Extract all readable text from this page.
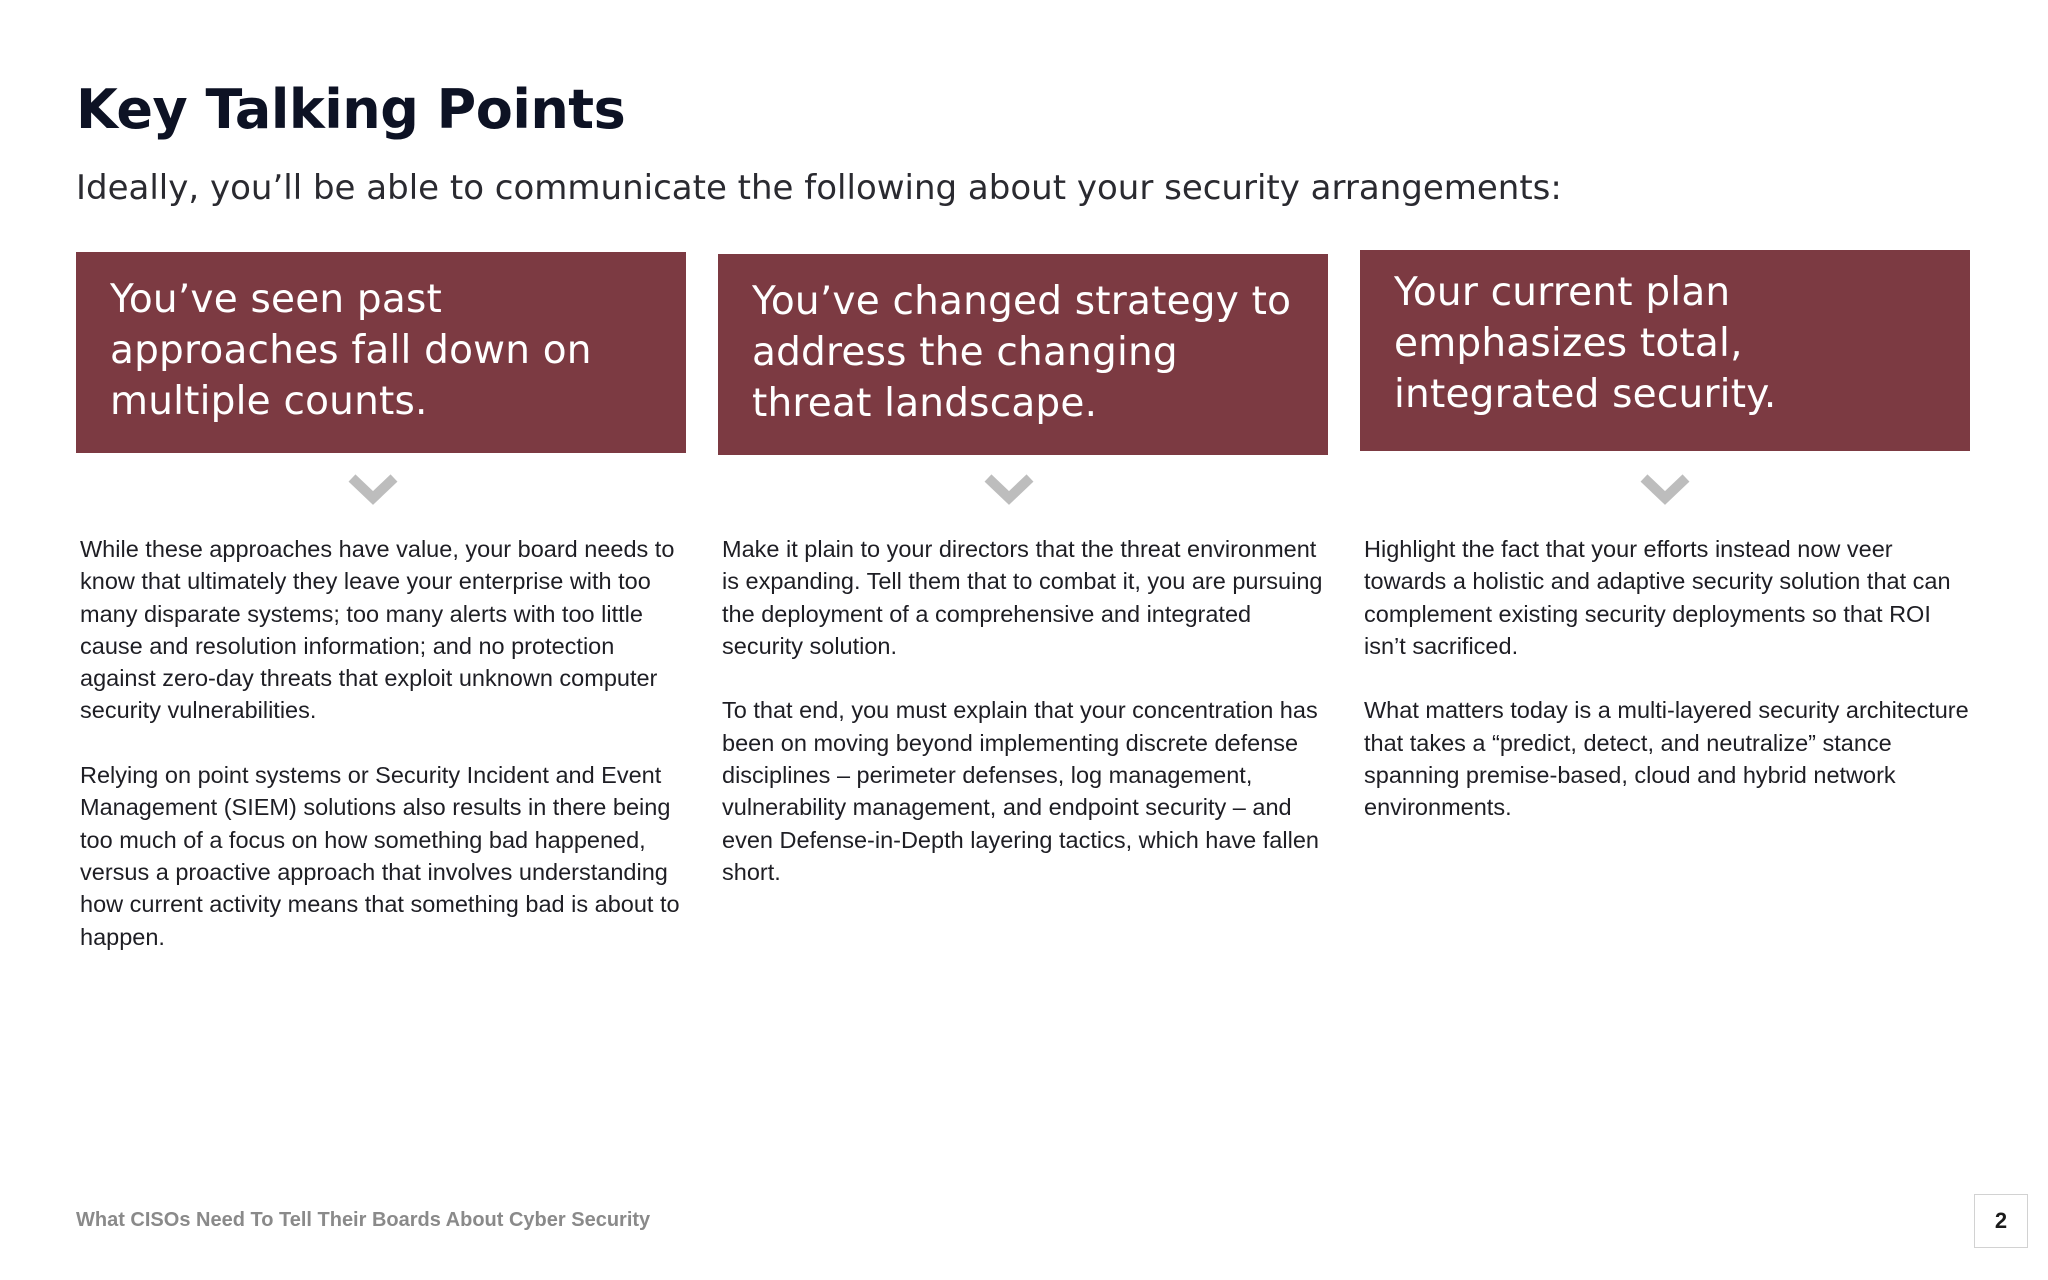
Key Talking Points

Ideally, you’ll be able to communicate the following about your security arrangements:

You’ve seen past approaches fall down on multiple counts.

While these approaches have value, your board needs to know that ultimately they leave your enterprise with too many disparate systems; too many alerts with too little cause and resolution information; and no protection against zero-day threats that exploit unknown computer security vulnerabilities.

Relying on point systems or Security Incident and Event Management (SIEM) solutions also results in there being too much of a focus on how something bad happened, versus a proactive approach that involves understanding how current activity means that something bad is about to happen.

You’ve changed strategy to address the changing threat landscape.

Make it plain to your directors that the threat environment is expanding. Tell them that to combat it, you are pursuing the deployment of a comprehensive and integrated security solution.

To that end, you must explain that your concentration has been on moving beyond implementing discrete defense disciplines – perimeter defenses, log management, vulnerability management, and endpoint security – and even Defense-in-Depth layering tactics, which have fallen short.

Your current plan emphasizes total, integrated security.

Highlight the fact that your efforts instead now veer towards a holistic and adaptive security solution that can complement existing security deployments so that ROI isn’t sacrificed.

What matters today is a multi-layered security architecture that takes a “predict, detect, and neutralize” stance spanning premise-based, cloud and hybrid network environments.

What CISOs Need To Tell Their Boards About Cyber Security	2
